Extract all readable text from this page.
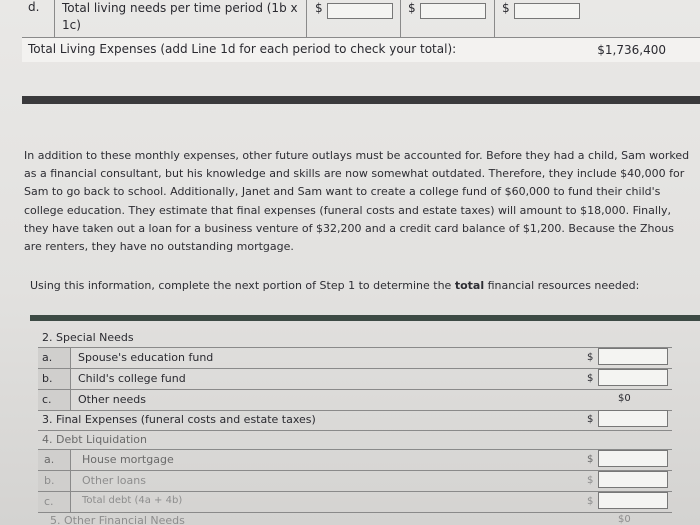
d. Total living needs per time period (1b x 1c)
$	$	$
Total Living Expenses (add Line 1d for each period to check your total):	$1,736,400

In addition to these monthly expenses, other future outlays must be accounted for. Before they had a child, Sam worked as a financial consultant, but his knowledge and skills are now somewhat outdated. Therefore, they include $40,000 for Sam to go back to school. Additionally, Janet and Sam want to create a college fund of $60,000 to fund their child's college education. They estimate that final expenses (funeral costs and estate taxes) will amount to $18,000. Finally, they have taken out a loan for a business venture of $32,200 and a credit card balance of $1,200. Because the Zhous are renters, they have no outstanding mortgage.

Using this information, complete the next portion of Step 1 to determine the total financial resources needed:

2. Special Needs
a. Spouse's education fund	$
b. Child's college fund	$
c. Other needs	$0
3. Final Expenses (funeral costs and estate taxes)	$
4. Debt Liquidation
a.	House mortgage	$
b.	Other loans	$
c.	Total debt (4a + 4b)	$
5. Other Financial Needs	$0
